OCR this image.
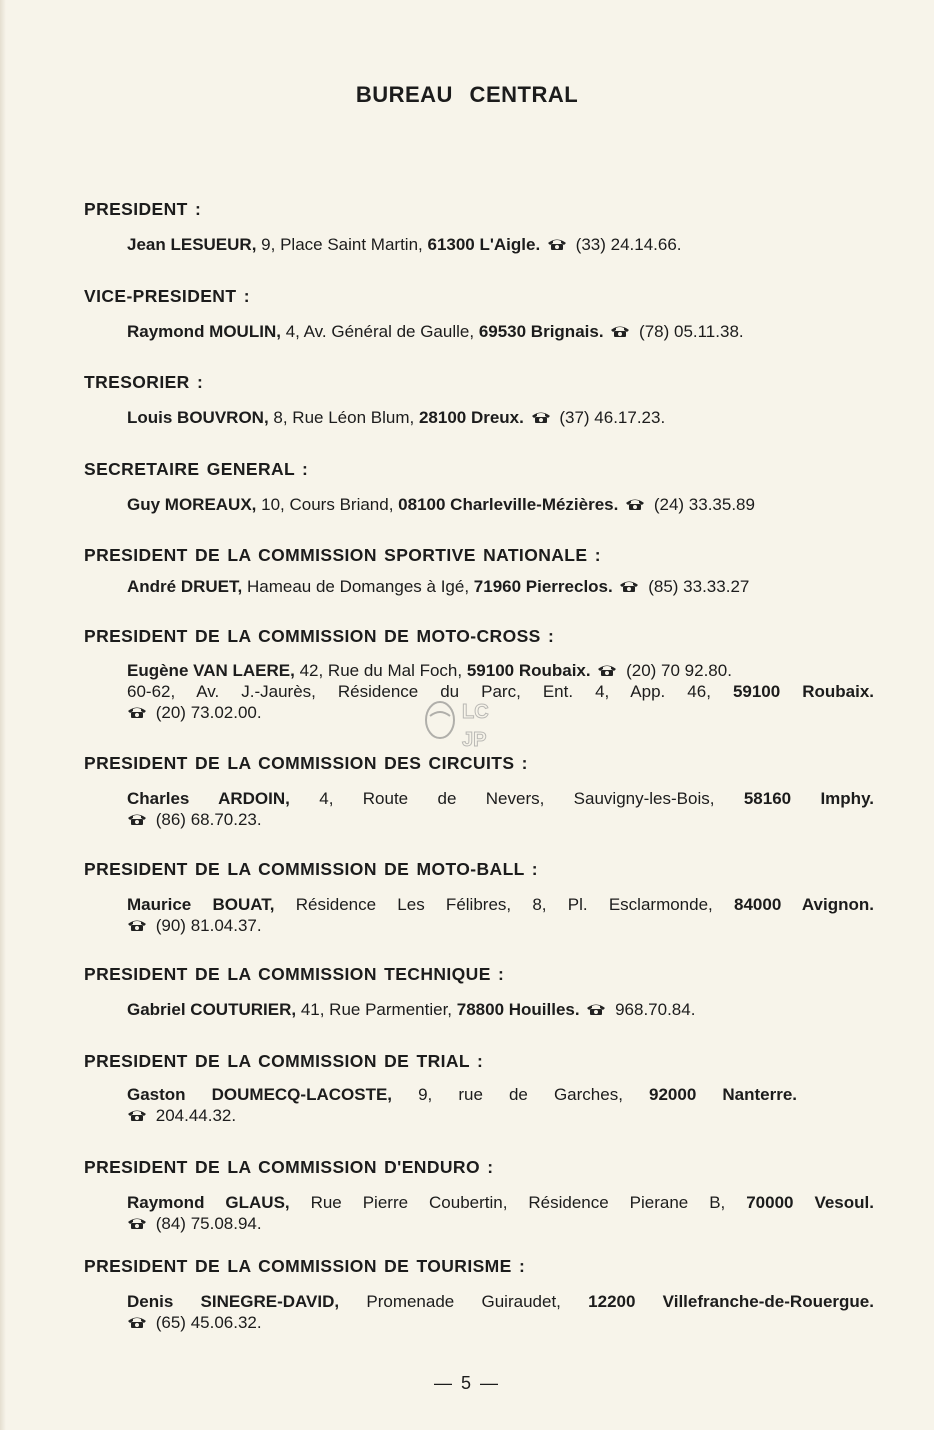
BUREAU CENTRAL

PRESIDENT :

Jean LESUEUR, 9, Place Saint Martin, 61300 L'Aigle. (33) 24.14.66.

VICE-PRESIDENT :

Raymond MOULIN, 4, Av. Général de Gaulle, 69530 Brignais. (78) 05.11.38.

TRESORIER :

Louis BOUVRON, 8, Rue Léon Blum, 28100 Dreux. (37) 46.17.23.

SECRETAIRE GENERAL :

Guy MOREAUX, 10, Cours Briand, 08100 Charleville-Mézières. (24) 33.35.89

PRESIDENT DE LA COMMISSION SPORTIVE NATIONALE :

André DRUET, Hameau de Domanges à Igé, 71960 Pierreclos. (85) 33.33.27

PRESIDENT DE LA COMMISSION DE MOTO-CROSS :

Eugène VAN LAERE, 42, Rue du Mal Foch, 59100 Roubaix. (20) 70 92.80.
60-62, Av. J.-Jaurès, Résidence du Parc, Ent. 4, App. 46, 59100 Roubaix.
(20) 73.02.00.

PRESIDENT DE LA COMMISSION DES CIRCUITS :

Charles ARDOIN, 4, Route de Nevers, Sauvigny-les-Bois, 58160 Imphy.
(86) 68.70.23.

PRESIDENT DE LA COMMISSION DE MOTO-BALL :

Maurice BOUAT, Résidence Les Félibres, 8, Pl. Esclarmonde, 84000 Avignon.
(90) 81.04.37.

PRESIDENT DE LA COMMISSION TECHNIQUE :

Gabriel COUTURIER, 41, Rue Parmentier, 78800 Houilles. 968.70.84.

PRESIDENT DE LA COMMISSION DE TRIAL :

Gaston DOUMECQ-LACOSTE, 9, rue de Garches, 92000 Nanterre.
204.44.32.

PRESIDENT DE LA COMMISSION D'ENDURO :

Raymond GLAUS, Rue Pierre Coubertin, Résidence Pierane B, 70000 Vesoul.
(84) 75.08.94.

PRESIDENT DE LA COMMISSION DE TOURISME :

Denis SINEGRE-DAVID, Promenade Guiraudet, 12200 Villefranche-de-Rouergue.
(65) 45.06.32.
LC
JP
— 5 —
